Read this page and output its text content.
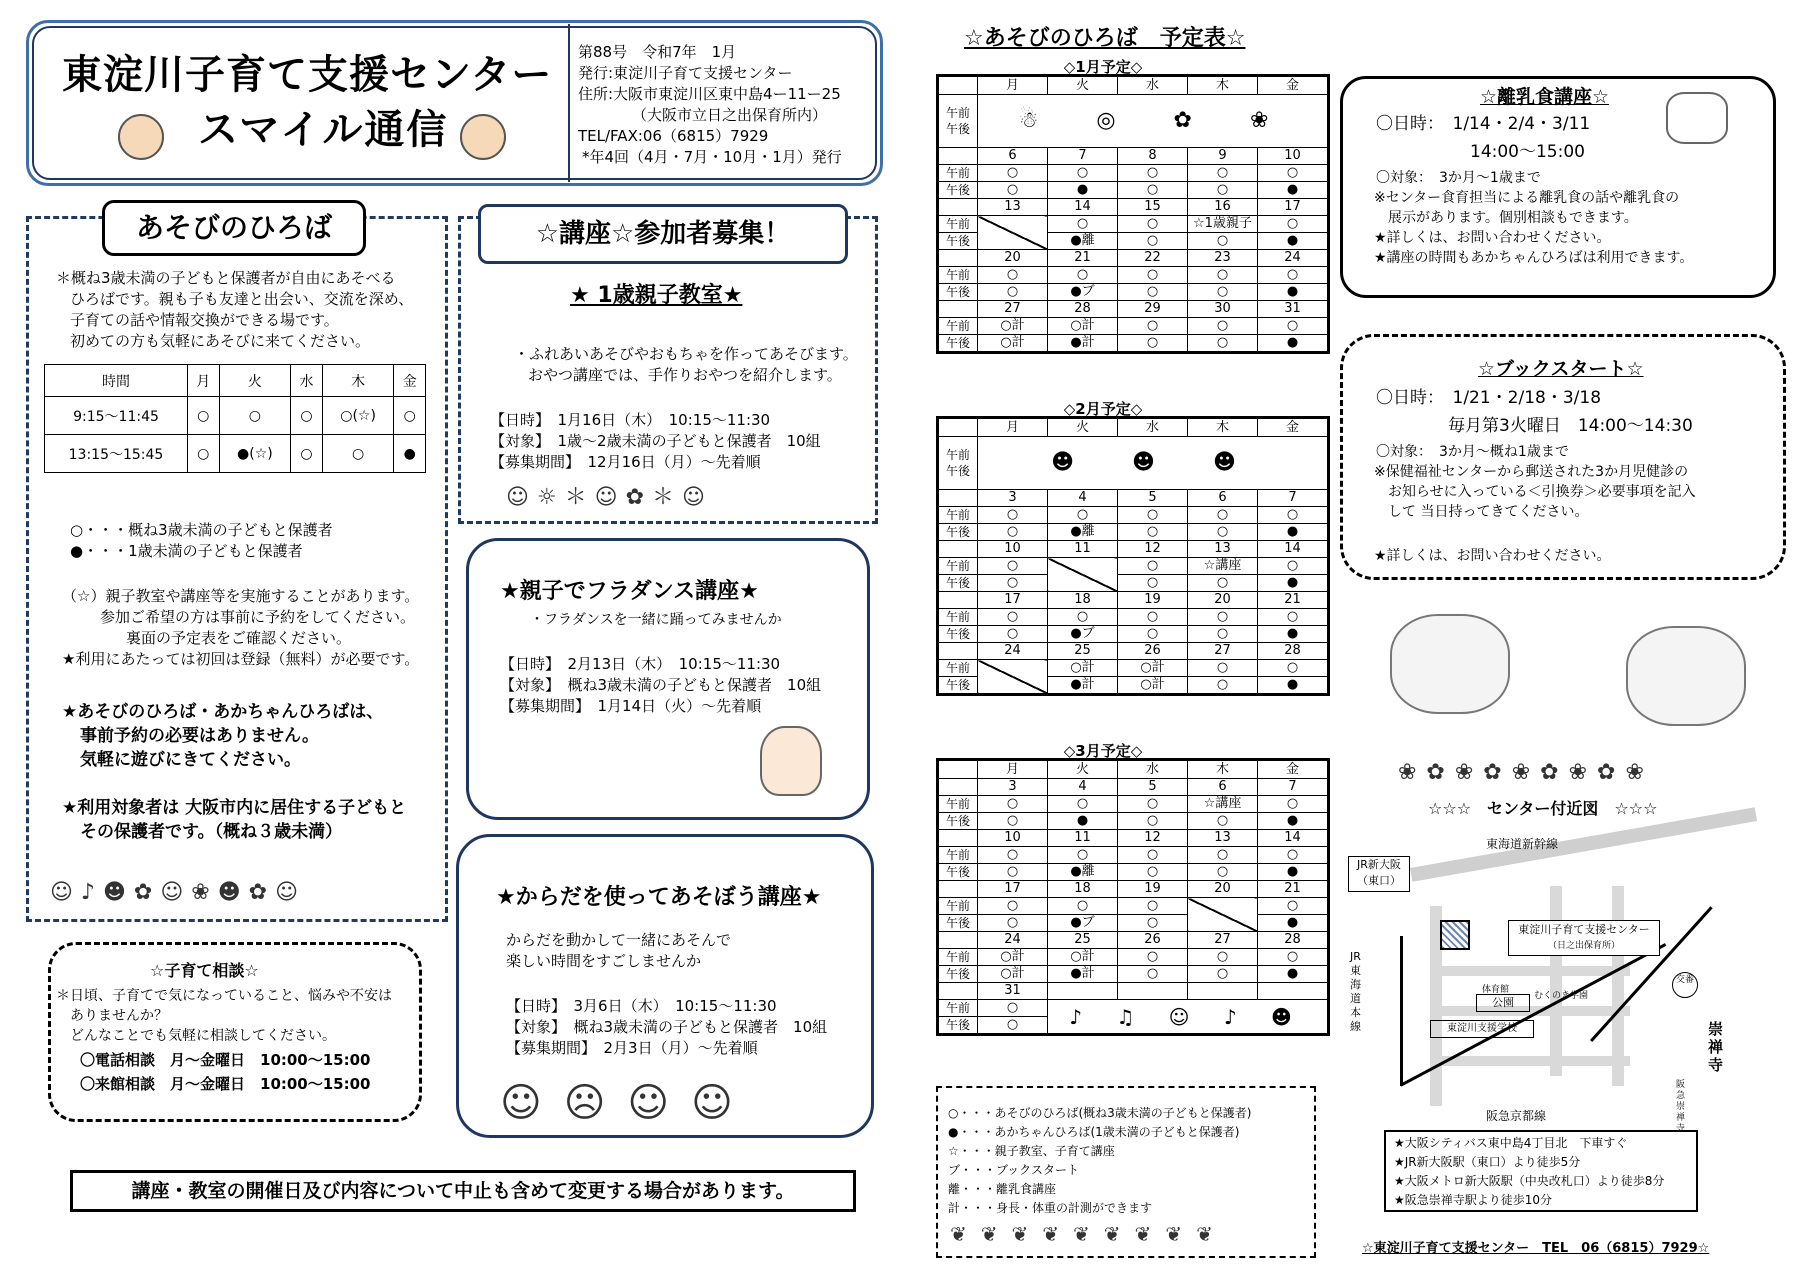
東淀川子育て支援センター
スマイル通信
第88号　令和7年　1月
発行:東淀川子育て支援センター
住所:大阪市東淀川区東中島4ー11ー25
（大阪市立日之出保育所内）
TEL/FAX:06（6815）7929
*年4回（4月・7月・10月・1月）発行
あそびのひろば
＊概ね3歳未満の子どもと保護者が自由にあそべる
ひろばです。親も子も友達と出会い、交流を深め、
子育ての話や情報交換ができる場です。
初めての方も気軽にあそびに来てください。
時間	月	火	水	木	金
9:15〜11:45	○	○	○	○(☆)	○
13:15〜15:45	○	●(☆)	○	○	●
○・・・概ね3歳未満の子どもと保護者
●・・・1歳未満の子どもと保護者
（☆）親子教室や講座等を実施することがあります。
参加ご希望の方は事前に予約をしてください。
裏面の予定表をご確認ください。
★利用にあたっては初回は登録（無料）が必要です。
★あそびのひろば・あかちゃんひろばは、
事前予約の必要はありません。
気軽に遊びにきてください。
★利用対象者は 大阪市内に居住する子どもと
その保護者です。（概ね３歳未満）
☺♪☻✿☺❀☻✿☺
☆子育て相談☆
＊日頃、子育てで気になっていること、悩みや不安は
ありませんか？
どんなことでも気軽に相談してください。
〇電話相談　月～金曜日　10:00～15:00
〇来館相談　月～金曜日　10:00～15:00
☆講座☆参加者募集！
★ 1歳親子教室★
・ふれあいあそびやおもちゃを作ってあそびます。
おやつ講座では、手作りおやつを紹介します。
【日時】　1月16日（木）　10:15～11:30
【対象】　1歳～2歳未満の子どもと保護者　10組
【募集期間】　12月16日（月）～先着順
☺☼＊☺✿＊☺
★親子でフラダンス講座★
・フラダンスを一緒に踊ってみませんか
【日時】　2月13日（木）　10:15～11:30
【対象】　概ね3歳未満の子どもと保護者　10組
【募集期間】　1月14日（火）～先着順
★からだを使ってあそぼう講座★
からだを動かして一緒にあそんで
楽しい時間をすごしませんか
【日時】　3月6日（木）　10:15～11:30
【対象】　概ね3歳未満の子どもと保護者　10組
【募集期間】　2月3日（月）～先着順
☺☹☺☺
講座・教室の開催日及び内容について中止も含めて変更する場合があります。
☆あそびのひろば　予定表☆
◇1月予定◇
	月	火	水	木	金

午前
午後	☃　◎　✿　❀				
	6	7	8	9	10
午前	○	○	○	○	○
午後	○	●	○	○	●
	13	14	15	16	17
午前		○	○	☆1歳親子	○
午後		●離	○	○	●
	20	21	22	23	24
午前	○	○	○	○	○
午後	○	●ブ	○	○	●
	27	28	29	30	31
午前	○計	○計	○	○	○
午後	○計	●計	○	○	●
◇2月予定◇
	月	火	水	木	金

午前
午後	☻　☻　☻				
	3	4	5	6	7
午前	○	○	○	○	○
午後	○	●離	○	○	●
	10	11	12	13	14
午前	○		○	☆講座	○
午後	○		○	○	●
	17	18	19	20	21
午前	○	○	○	○	○
午後	○	●ブ	○	○	●
	24	25	26	27	28
午前		○計	○計	○	○
午後		●計	○計	○	●
◇3月予定◇
	月	火	水	木	金
	3	4	5	6	7
午前	○	○	○	☆講座	○
午後	○	●	○	○	●
	10	11	12	13	14
午前	○	○	○	○	○
午後	○	●離	○	○	●
	17	18	19	20	21
午前	○	○	○		○
午後	○	●ブ	○		●
	24	25	26	27	28
午前	○計	○計	○	○	○
午後	○計	●計	○	○	●
	31				
午前	○	♪ ♫ ☺ ♪ ☻			
午後	○				
○・・・あそびのひろば(概ね3歳未満の子どもと保護者)
●・・・あかちゃんひろば(1歳未満の子どもと保護者)
☆・・・親子教室、子育て講座
ブ・・・ブックスタート
離・・・離乳食講座
計・・・身長・体重の計測ができます
❦❦❦❦❦❦❦❦❦
☆離乳食講座☆
〇日時：　1/14・2/4・3/11
14:00～15:00
〇対象：　3か月～1歳まで
※センター食育担当による離乳食の話や離乳食の
展示があります。個別相談もできます。
★詳しくは、お問い合わせください。
★講座の時間もあかちゃんひろばは利用できます。
☆ブックスタート☆
〇日時：　1/21・2/18・3/18
毎月第3火曜日　14:00～14:30
〇対象：　3か月～概ね1歳まで
※保健福祉センターから郵送された3か月児健診の
お知らせに入っている＜引換券＞必要事項を記入
して 当日持ってきてください。
★詳しくは、お問い合わせください。
❀✿❀✿❀✿❀✿❀
☆☆☆　センター付近図　☆☆☆
東海道新幹線
JR新大阪
（東口）
東淀川子育て支援センター
（日之出保育所）
JR東海道本線
体育館
公園	むくのき学園
東淀川支援学校
交番
崇禅寺
阪急崇禅寺
阪急京都線
★大阪シティバス東中島4丁目北　下車すぐ
★JR新大阪駅（東口）より徒歩5分
★大阪メトロ新大阪駅（中央改札口）より徒歩8分
★阪急崇禅寺駅より徒歩10分
☆東淀川子育て支援センター　TEL　06（6815）7929☆
